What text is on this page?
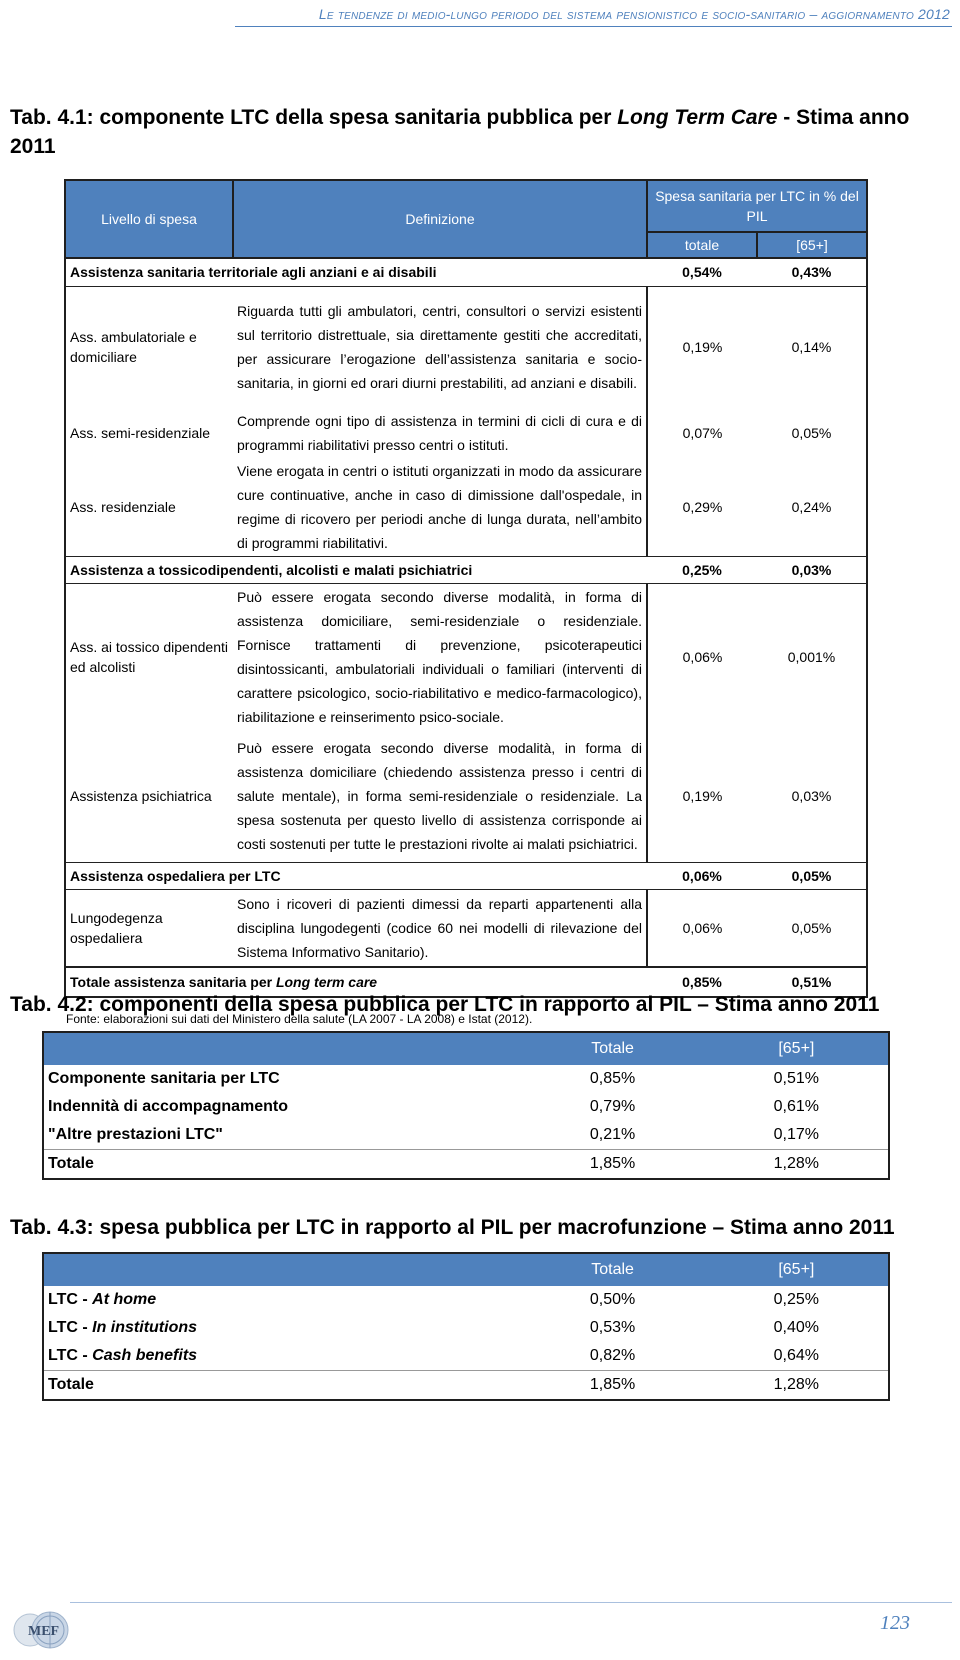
Le tendenze di medio-lungo periodo del sistema pensionistico e socio-sanitario – aggiornamento 2012
Tab. 4.1: componente LTC della spesa sanitaria pubblica per Long Term Care - Stima anno 2011
Livello di spesa	Definizione	Spesa sanitaria per LTC in % del PIL	
		totale	[65+]
Assistenza sanitaria territoriale agli anziani e ai disabili		0,54%	0,43%
Ass. ambulatoriale e domiciliare	Riguarda tutti gli ambulatori, centri, consultori o servizi esistenti sul territorio distrettuale, sia direttamente gestiti che accreditati, per assicurare l’erogazione dell’assistenza sanitaria e socio-sanitaria, in giorni ed orari diurni prestabiliti, ad anziani e disabili.	0,19%	0,14%
Ass. semi-residenziale	Comprende ogni tipo di assistenza in termini di cicli di cura e di programmi riabilitativi presso centri o istituti.	0,07%	0,05%
Ass. residenziale	Viene erogata in centri o istituti organizzati in modo da assicurare cure continuative, anche in caso di dimissione dall'ospedale, in regime di ricovero per periodi anche di lunga durata, nell’ambito di programmi riabilitativi.	0,29%	0,24%
Assistenza a tossicodipendenti, alcolisti e malati psichiatrici		0,25%	0,03%
Ass. ai tossico dipendenti ed alcolisti	Può essere erogata secondo diverse modalità, in forma di assistenza domiciliare, semi-residenziale o residenziale. Fornisce trattamenti di prevenzione, psicoterapeutici disintossicanti, ambulatoriali individuali o familiari (interventi di carattere psicologico, socio-riabilitativo e medico-farmacologico), riabilitazione e reinserimento psico-sociale.	0,06%	0,001%
Assistenza psichiatrica	Può essere erogata secondo diverse modalità, in forma di assistenza domiciliare (chiedendo assistenza presso i centri di salute mentale), in forma semi-residenziale o residenziale. La spesa sostenuta per questo livello di assistenza corrisponde ai costi sostenuti per tutte le prestazioni rivolte ai malati psichiatrici.	0,19%	0,03%
Assistenza ospedaliera per LTC		0,06%	0,05%
Lungodegenza ospedaliera	Sono i ricoveri di pazienti dimessi da reparti appartenenti alla disciplina lungodegenti (codice 60 nei modelli di rilevazione del Sistema Informativo Sanitario).	0,06%	0,05%
Totale assistenza sanitaria per Long term care		0,85%	0,51%
Fonte: elaborazioni sui dati del Ministero della salute (LA 2007 - LA 2008) e Istat (2012).
Tab. 4.2: componenti della spesa pubblica per LTC in rapporto al PIL – Stima anno 2011
	Totale	[65+]
Componente sanitaria per LTC	0,85%	0,51%
Indennità di accompagnamento	0,79%	0,61%
"Altre prestazioni LTC"	0,21%	0,17%
Totale	1,85%	1,28%
Tab. 4.3: spesa pubblica per LTC in rapporto al PIL per macrofunzione – Stima anno 2011
	Totale	[65+]
LTC - At home	0,50%	0,25%
LTC - In institutions	0,53%	0,40%
LTC - Cash benefits	0,82%	0,64%
Totale	1,85%	1,28%
MEF	123
